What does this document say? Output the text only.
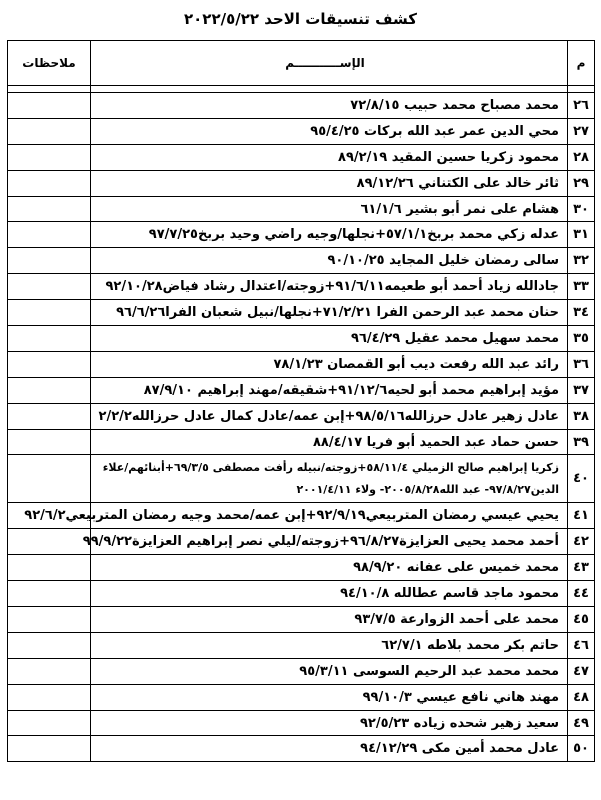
كشف تنسيقات الاحد ٢٠٢٢/٥/٢٢
م	الإســـــــــــم	ملاحظات

٢٦	محمد مصباح محمد حبيب ٧٢/٨/١٥	
٢٧	محي الدين عمر عبد الله بركات ٩٥/٤/٢٥	
٢٨	محمود زكريا حسين المقيد ٨٩/٢/١٩	
٢٩	ثائر خالد على الكتناني ٨٩/١٢/٢٦	
٣٠	هشام على نمر أبو بشير ٦١/١/٦	
٣١	عدله زكي محمد بربخ٥٧/١/١+نجلها/وجيه راضي وحيد بربخ٩٧/٧/٢٥	
٣٢	سالى رمضان خليل المجايد ٩٠/١٠/٢٥	
٣٣	جادالله زياد أحمد أبو طعيمه٩١/٦/١١+زوجته/اعتدال رشاد فياض٩٢/١٠/٢٨	
٣٤	حنان محمد عبد الرحمن الفرا ٧١/٢/٢١+نجلها/نبيل شعبان الفرا٩٦/٦/٢٦	
٣٥	محمد سهيل محمد عقيل ٩٦/٤/٢٩	
٣٦	رائد عبد الله رفعت ديب أبو القمصان ٧٨/١/٢٣	
٣٧	مؤيد إبراهيم محمد أبو لحيه٩١/١٢/٦+شقيقه/مهند إبراهيم ٨٧/٩/١٠	
٣٨	عادل زهير عادل حرزالله٩٨/٥/١٦+إبن عمه/عادل كمال عادل حرزالله٢/٢/٢	
٣٩	حسن حماد عبد الحميد أبو فريا ٨٨/٤/١٧	
٤٠	زكريا إبراهيم صالح الزميلي ٥٨/١١/٤+زوجته/نبيله رأفت مصطفى ٦٩/٣/٥+أبنائهم/علاء الدين٩٧/٨/٢٧- عبد الله٢٠٠٥/٨/٢٨- ولاء ٢٠٠١/٤/١١	
٤١	يحيي عيسي رمضان المتربيعي٩٢/٩/١٩+إبن عمه/محمد وجيه رمضان المتربيعي٩٢/٦/٢	
٤٢	أحمد محمد يحيى العزايزة٩٦/٨/٢٧+زوجته/ليلي نصر إبراهيم العزايزة٩٩/٩/٢٢	
٤٣	محمد خميس على عفانه ٩٨/٩/٢٠	
٤٤	محمود ماجد قاسم عطالله ٩٤/١٠/٨	
٤٥	محمد على أحمد الزوارعة ٩٣/٧/٥	
٤٦	حاتم بكر محمد بلاطه ٦٢/٧/١	
٤٧	محمد محمد عبد الرحيم السوسى ٩٥/٣/١١	
٤٨	مهند هاني نافع عيسي ٩٩/١٠/٣	
٤٩	سعيد زهير شحده زياده ٩٢/٥/٢٣	
٥٠	عادل محمد أمين مكى ٩٤/١٢/٢٩	
